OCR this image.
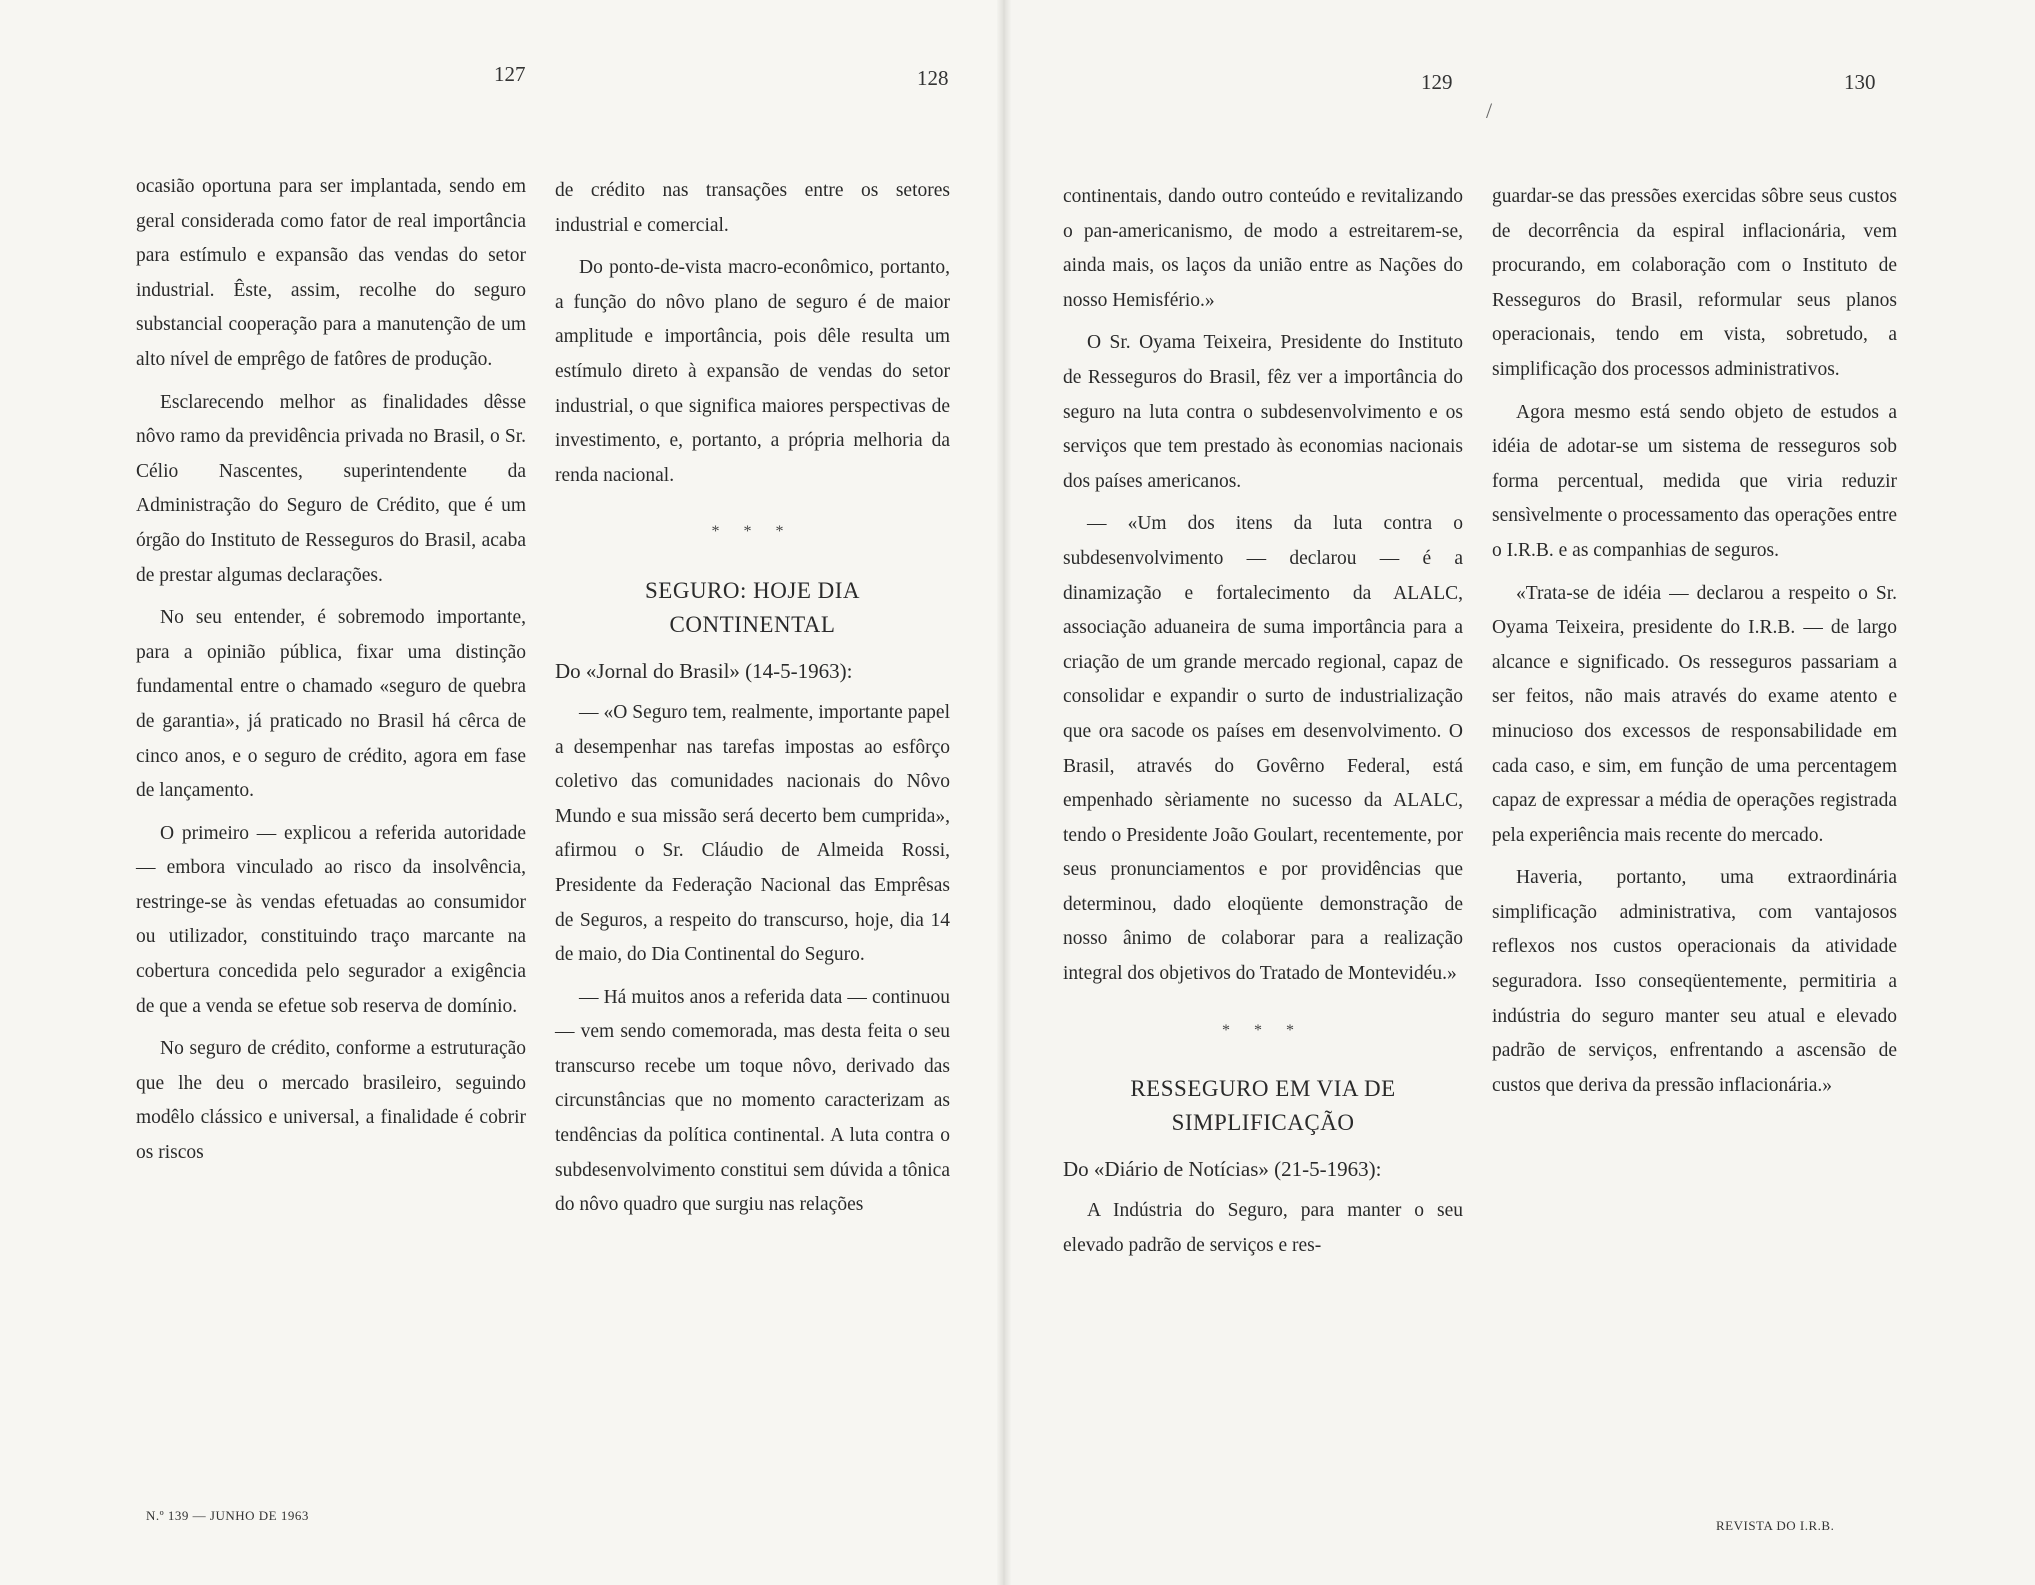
127	128	129	130

ocasião oportuna para ser implantada, sendo em geral considerada como fator de real importância para estímulo e expansão das vendas do setor industrial. Êste, assim, recolhe do seguro substancial cooperação para a manutenção de um alto nível de emprêgo de fatôres de produção.

Esclarecendo melhor as finalidades dêsse nôvo ramo da previdência privada no Brasil, o Sr. Célio Nascentes, superintendente da Administração do Seguro de Crédito, que é um órgão do Instituto de Resseguros do Brasil, acaba de prestar algumas declarações.

No seu entender, é sobremodo importante, para a opinião pública, fixar uma distinção fundamental entre o chamado «seguro de quebra de garantia», já praticado no Brasil há cêrca de cinco anos, e o seguro de crédito, agora em fase de lançamento.

O primeiro — explicou a referida autoridade — embora vinculado ao risco da insolvência, restringe-se às vendas efetuadas ao consumidor ou utilizador, constituindo traço marcante na cobertura concedida pelo segurador a exigência de que a venda se efetue sob reserva de domínio.

No seguro de crédito, conforme a estruturação que lhe deu o mercado brasileiro, seguindo modêlo clássico e universal, a finalidade é cobrir os riscos

de crédito nas transações entre os setores industrial e comercial.

Do ponto-de-vista macro-econômico, portanto, a função do nôvo plano de seguro é de maior amplitude e importância, pois dêle resulta um estímulo direto à expansão de vendas do setor industrial, o que significa maiores perspectivas de investimento, e, portanto, a própria melhoria da renda nacional.

* * *
SEGURO: HOJE DIA
CONTINENTAL

Do «Jornal do Brasil» (14-5-1963):

— «O Seguro tem, realmente, importante papel a desempenhar nas tarefas impostas ao esfôrço coletivo das comunidades nacionais do Nôvo Mundo e sua missão será decerto bem cumprida», afirmou o Sr. Cláudio de Almeida Rossi, Presidente da Federação Nacional das Emprêsas de Seguros, a respeito do transcurso, hoje, dia 14 de maio, do Dia Continental do Seguro.

— Há muitos anos a referida data — continuou — vem sendo comemorada, mas desta feita o seu transcurso recebe um toque nôvo, derivado das circunstâncias que no momento caracterizam as tendências da política continental. A luta contra o subdesenvolvimento constitui sem dúvida a tônica do nôvo quadro que surgiu nas relações

continentais, dando outro conteúdo e revitalizando o pan-americanismo, de modo a estreitarem-se, ainda mais, os laços da união entre as Nações do nosso Hemisfério.»

O Sr. Oyama Teixeira, Presidente do Instituto de Resseguros do Brasil, fêz ver a importância do seguro na luta contra o subdesenvolvimento e os serviços que tem prestado às economias nacionais dos países americanos.

— «Um dos itens da luta contra o subdesenvolvimento — declarou — é a dinamização e fortalecimento da ALALC, associação aduaneira de suma importância para a criação de um grande mercado regional, capaz de consolidar e expandir o surto de industrialização que ora sacode os países em desenvolvimento. O Brasil, através do Govêrno Federal, está empenhado sèriamente no sucesso da ALALC, tendo o Presidente João Goulart, recentemente, por seus pronunciamentos e por providências que determinou, dado eloqüente demonstração de nosso ânimo de colaborar para a realização integral dos objetivos do Tratado de Montevidéu.»

* * *
RESSEGURO EM VIA DE
SIMPLIFICAÇÃO

Do «Diário de Notícias» (21-5-1963):

A Indústria do Seguro, para manter o seu elevado padrão de serviços e res-

guardar-se das pressões exercidas sôbre seus custos de decorrência da espiral inflacionária, vem procurando, em colaboração com o Instituto de Resseguros do Brasil, reformular seus planos operacionais, tendo em vista, sobretudo, a simplificação dos processos administrativos.

Agora mesmo está sendo objeto de estudos a idéia de adotar-se um sistema de resseguros sob forma percentual, medida que viria reduzir sensìvelmente o processamento das operações entre o I.R.B. e as companhias de seguros.

«Trata-se de idéia — declarou a respeito o Sr. Oyama Teixeira, presidente do I.R.B. — de largo alcance e significado. Os resseguros passariam a ser feitos, não mais através do exame atento e minucioso dos excessos de responsabilidade em cada caso, e sim, em função de uma percentagem capaz de expressar a média de operações registrada pela experiência mais recente do mercado.

Haveria, portanto, uma extraordinária simplificação administrativa, com vantajosos reflexos nos custos operacionais da atividade seguradora. Isso conseqüentemente, permitiria a indústria do seguro manter seu atual e elevado padrão de serviços, enfrentando a ascensão de custos que deriva da pressão inflacionária.»

N.º 139 — JUNHO DE 1963
REVISTA DO I.R.B.
/
